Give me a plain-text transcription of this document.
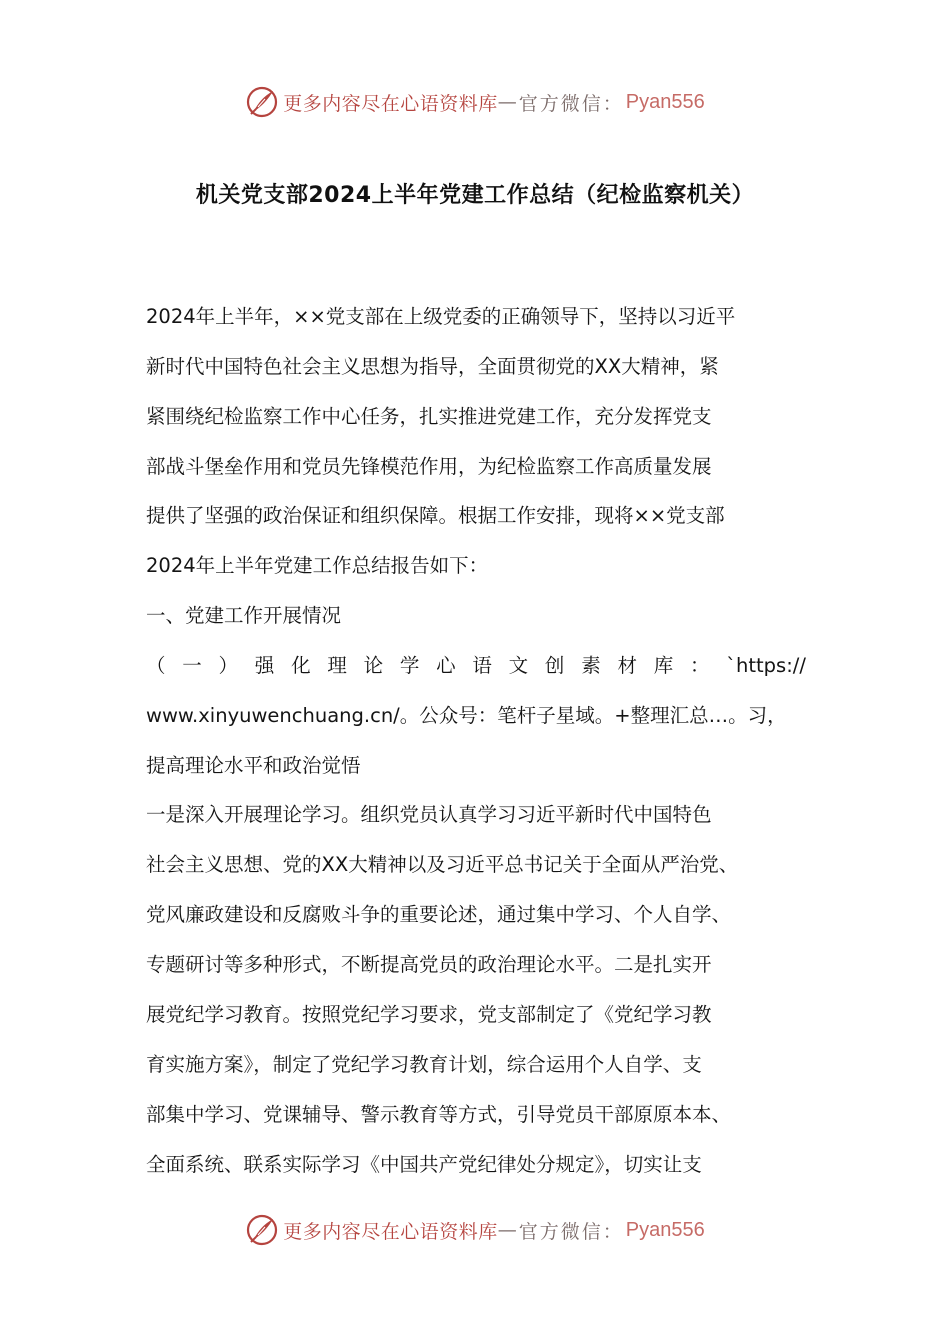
更多内容尽在心语资料库 — 官方微信： Pyan556
机关党支部2024上半年党建工作总结（纪检监察机关）
2024年上半年，××党支部在上级党委的正确领导下，坚持以习近平
新时代中国特色社会主义思想为指导，全面贯彻党的XX大精神，紧
紧围绕纪检监察工作中心任务，扎实推进党建工作，充分发挥党支
部战斗堡垒作用和党员先锋模范作用，为纪检监察工作高质量发展
提供了坚强的政治保证和组织保障。根据工作安排，现将××党支部
2024年上半年党建工作总结报告如下：
一、党建工作开展情况
（ 一 ） 强 化 理 论 学 心 语 文 创 素 材 库 ： `https://
www.xinyuwenchuang.cn/。公众号：笔杆子星域。+整理汇总…。习，
提高理论水平和政治觉悟
一是深入开展理论学习。组织党员认真学习习近平新时代中国特色
社会主义思想、党的XX大精神以及习近平总书记关于全面从严治党、
党风廉政建设和反腐败斗争的重要论述，通过集中学习、个人自学、
专题研讨等多种形式，不断提高党员的政治理论水平。二是扎实开
展党纪学习教育。按照党纪学习要求，党支部制定了《党纪学习教
育实施方案》，制定了党纪学习教育计划，综合运用个人自学、支
部集中学习、党课辅导、警示教育等方式，引导党员干部原原本本、
全面系统、联系实际学习《中国共产党纪律处分规定》，切实让支
更多内容尽在心语资料库 — 官方微信： Pyan556
